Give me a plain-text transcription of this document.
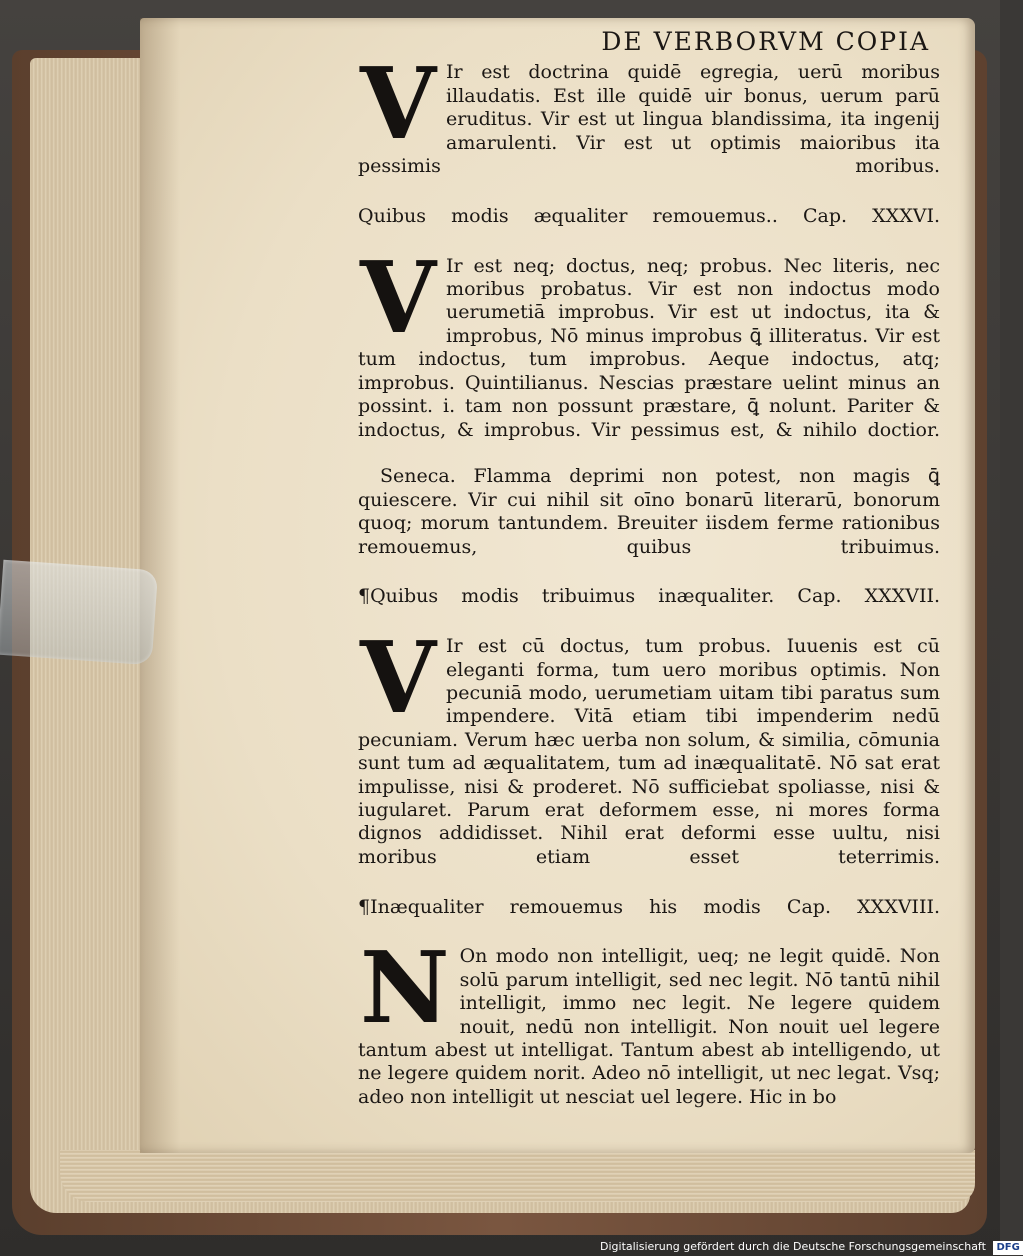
DE VERBORVM COPIA
V Ir est doctrina quidē egregia, uerū moribus illaudatis. Est ille quidē uir bonus, uerum parū eruditus. Vir est ut lingua blandissima, ita ingenij amarulenti. Vir est ut optimis maioribus ita pessimis moribus.

Quibus modis æqualiter remouemus.. Cap. XXXVI.

V Ir est neq; doctus, neq; probus. Nec literis, nec moribus probatus. Vir est non indoctus modo uerumetiā improbus. Vir est ut indoctus, ita & improbus, Nō minus improbus ꝗ̄ illiteratus. Vir est tum indoctus, tum improbus. Aeque indoctus, atq; improbus. Quintilianus. Nescias præstare uelint minus an possint. i. tam non possunt præstare, ꝗ̄ nolunt. Pariter & indoctus, & improbus. Vir pessimus est, & nihilo doctior.

Seneca. Flamma deprimi non potest, non magis ꝗ̄ quiescere. Vir cui nihil sit oīno bonarū literarū, bonorum quoq; morum tantundem. Breuiter iisdem ferme rationibus remouemus, quibus tribuimus.

¶Quibus modis tribuimus inæqualiter. Cap. XXXVII.

V Ir est cū doctus, tum probus. Iuuenis est cū eleganti forma, tum uero moribus optimis. Non pecuniā modo, uerumetiam uitam tibi paratus sum impendere. Vitā etiam tibi impenderim nedū pecuniam. Verum hæc uerba non solum, & similia, cōmunia sunt tum ad æqualitatem, tum ad inæqualitatē. Nō sat erat impulisse, nisi & proderet. Nō sufficiebat spoliasse, nisi & iugularet. Parum erat deformem esse, ni mores forma dignos addidisset. Nihil erat deformi esse uultu, nisi moribus etiam esset teterrimis.

¶Inæqualiter remouemus his modis Cap. XXXVIII.

N On modo non intelligit, ueq; ne legit quidē. Non solū parum intelligit, sed nec legit. Nō tantū nihil intelligit, immo nec legit. Ne legere quidem nouit, nedū non intelligit. Non nouit uel legere tantum abest ut intelligat. Tantum abest ab intelligendo, ut ne legere quidem norit. Adeo nō intelligit, ut nec legat. Vsq; adeo non intelligit ut nesciat uel legere. Hic in bo

Digitalisierung gefördert durch die Deutsche Forschungsgemeinschaft DFG
